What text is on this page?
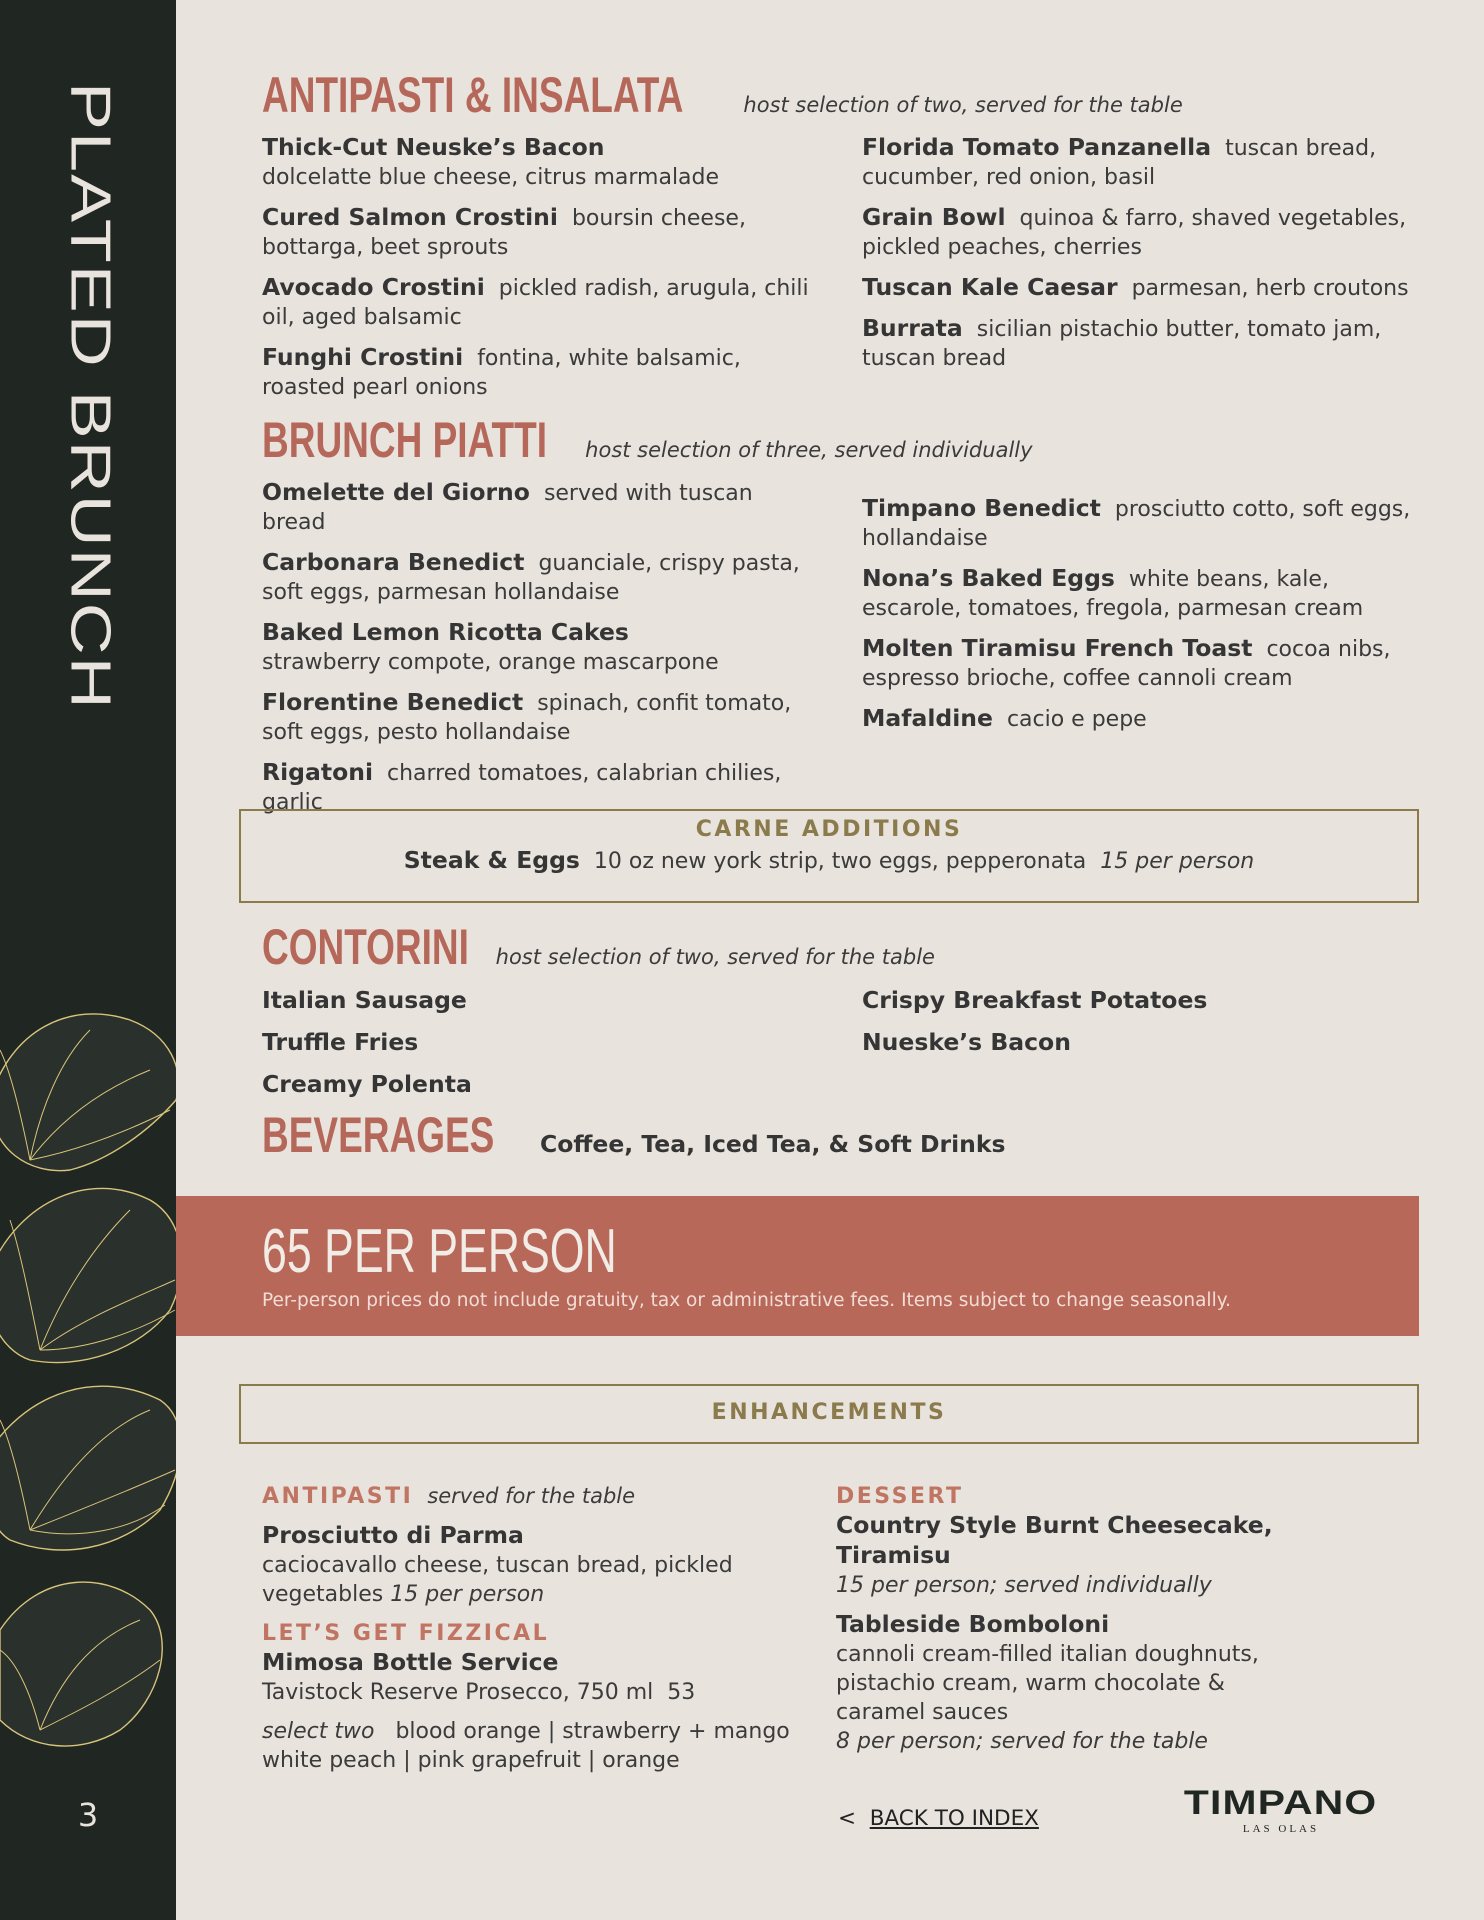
PLATED BRUNCH
3
ANTIPASTI & INSALATA	host selection of two, served for the table
Thick-Cut Neuske’s Bacon
dolcelatte blue cheese, citrus marmalade
Cured Salmon Crostini boursin cheese, bottarga, beet sprouts
Avocado Crostini pickled radish, arugula, chili oil, aged balsamic
Funghi Crostini fontina, white balsamic, roasted pearl onions
Florida Tomato Panzanella tuscan bread, cucumber, red onion, basil
Grain Bowl quinoa & farro, shaved vegetables, pickled peaches, cherries
Tuscan Kale Caesar parmesan, herb croutons
Burrata sicilian pistachio butter, tomato jam, tuscan bread
BRUNCH PIATTI host selection of three, served individually
Omelette del Giorno served with tuscan bread
Carbonara Benedict guanciale, crispy pasta, soft eggs, parmesan hollandaise
Baked Lemon Ricotta Cakes
strawberry compote, orange mascarpone
Florentine Benedict spinach, confit tomato, soft eggs, pesto hollandaise
Rigatoni charred tomatoes, calabrian chilies, garlic
Timpano Benedict prosciutto cotto, soft eggs, hollandaise
Nona’s Baked Eggs white beans, kale, escarole, tomatoes, fregola, parmesan cream
Molten Tiramisu French Toast cocoa nibs, espresso brioche, coffee cannoli cream
Mafaldine cacio e pepe
CARNE ADDITIONS
Steak & Eggs 10 oz new york strip, two eggs, pepperonata 15 per person
CONTORINI host selection of two, served for the table
Italian Sausage
Truffle Fries
Creamy Polenta
Crispy Breakfast Potatoes
Nueske’s Bacon
BEVERAGES Coffee, Tea, Iced Tea, & Soft Drinks
65 PER PERSON
Per-person prices do not include gratuity, tax or administrative fees. Items subject to change seasonally.
ENHANCEMENTS
ANTIPASTI served for the table
Prosciutto di Parma
caciocavallo cheese, tuscan bread, pickled vegetables 15 per person
LET’S GET FIZZICAL
Mimosa Bottle Service
Tavistock Reserve Prosecco, 750 ml 53
select two blood orange | strawberry + mango
white peach | pink grapefruit | orange
DESSERT
Country Style Burnt Cheesecake, Tiramisu
15 per person; served individually
Tableside Bomboloni
cannoli cream-filled italian doughnuts, pistachio cream, warm chocolate & caramel sauces
8 per person; served for the table
< BACK TO INDEX	TIMPANO
LAS OLAS
